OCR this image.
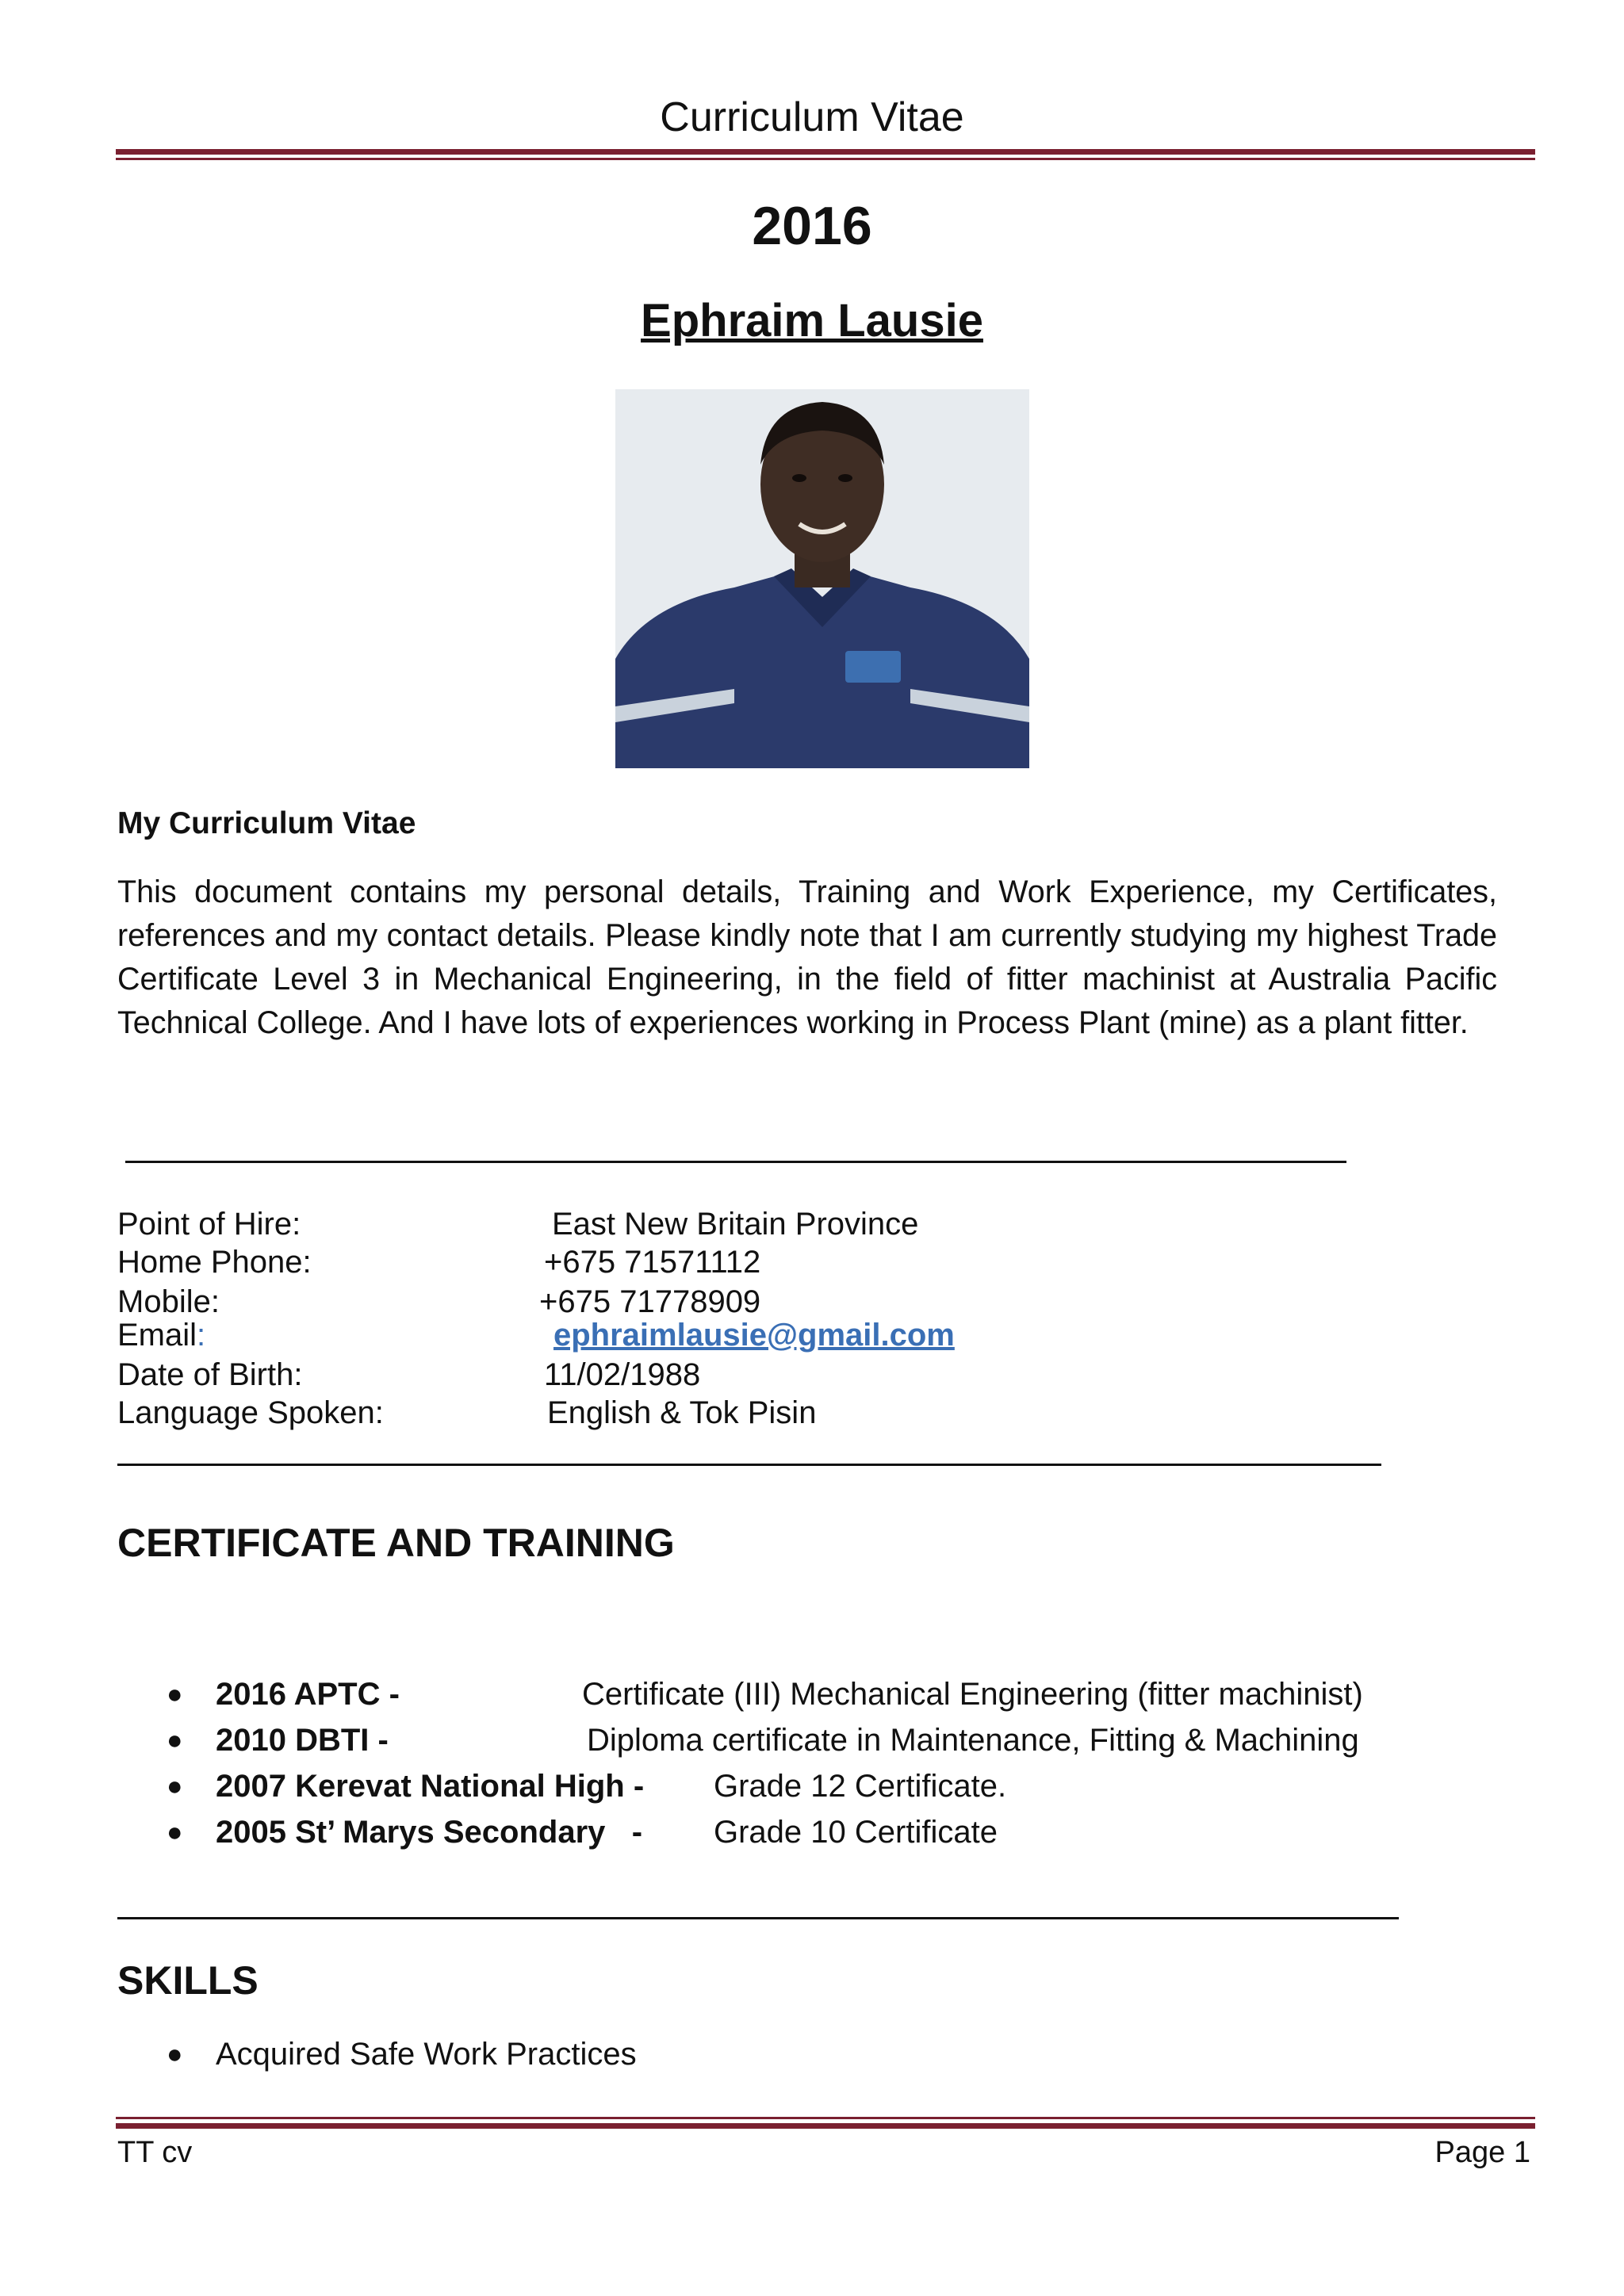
Curriculum Vitae
2016
Ephraim Lausie
My Curriculum Vitae
This document contains my personal details, Training and Work Experience, my Certificates, references and my contact details. Please kindly note that I am currently studying my highest Trade Certificate Level 3 in Mechanical Engineering, in the field of fitter machinist at Australia Pacific Technical College. And I have lots of experiences working in Process Plant (mine) as a plant fitter.
Point of Hire:	East New Britain Province
Home Phone:	+675 71571112
Mobile:	+675 71778909
Email:	ephraimlausie@gmail.com
Date of Birth:	11/02/1988
Language Spoken:	English & Tok Pisin
CERTIFICATE AND TRAINING
● 2016 APTC -	Certificate (III) Mechanical Engineering (fitter machinist)
● 2010 DBTI -	Diploma certificate in Maintenance, Fitting & Machining
● 2007 Kerevat National High - Grade 12 Certificate.
● 2005 St’ Marys Secondary   - Grade 10 Certificate
SKILLS
● Acquired Safe Work Practices
TT cv	Page 1
